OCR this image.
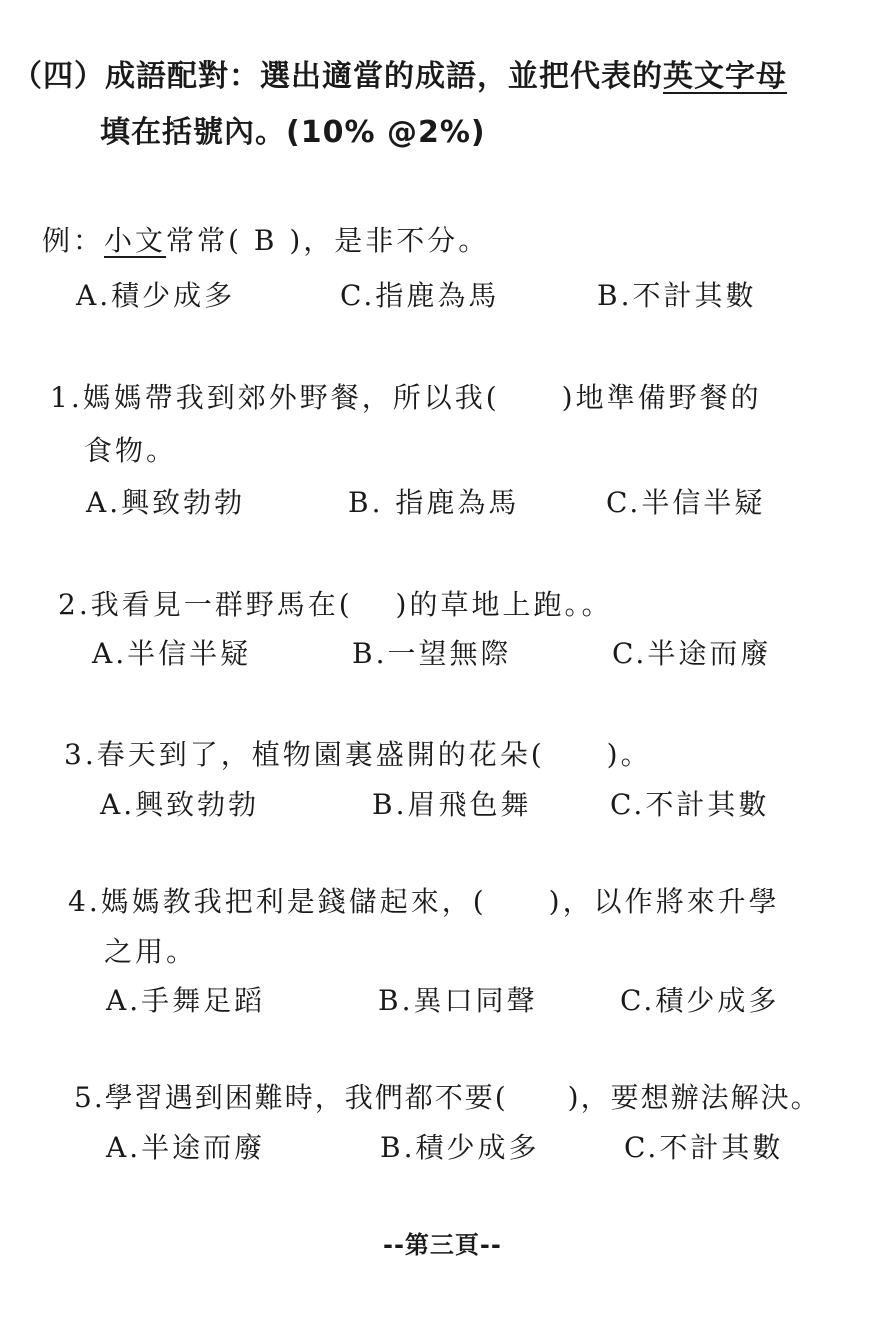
（四）成語配對：選出適當的成語，並把代表的英文字母
填在括號內。(10% @2%)
例：小文常常( B )，是非不分。
A.積少成多	C.指鹿為馬	B.不計其數
1.媽媽帶我到郊外野餐，所以我(　　)地準備野餐的
食物。
A.興致勃勃	B. 指鹿為馬	C.半信半疑
2.我看見一群野馬在(　 )的草地上跑。。
A.半信半疑	B.一望無際	C.半途而廢
3.春天到了，植物園裏盛開的花朵(　　)。
A.興致勃勃	B.眉飛色舞	C.不計其數
4.媽媽教我把利是錢儲起來，(　　)，以作將來升學
之用。
A.手舞足蹈	B.異口同聲	C.積少成多
5.學習遇到困難時，我們都不要(　　)，要想辦法解決。
A.半途而廢	B.積少成多	C.不計其數
--第三頁--
